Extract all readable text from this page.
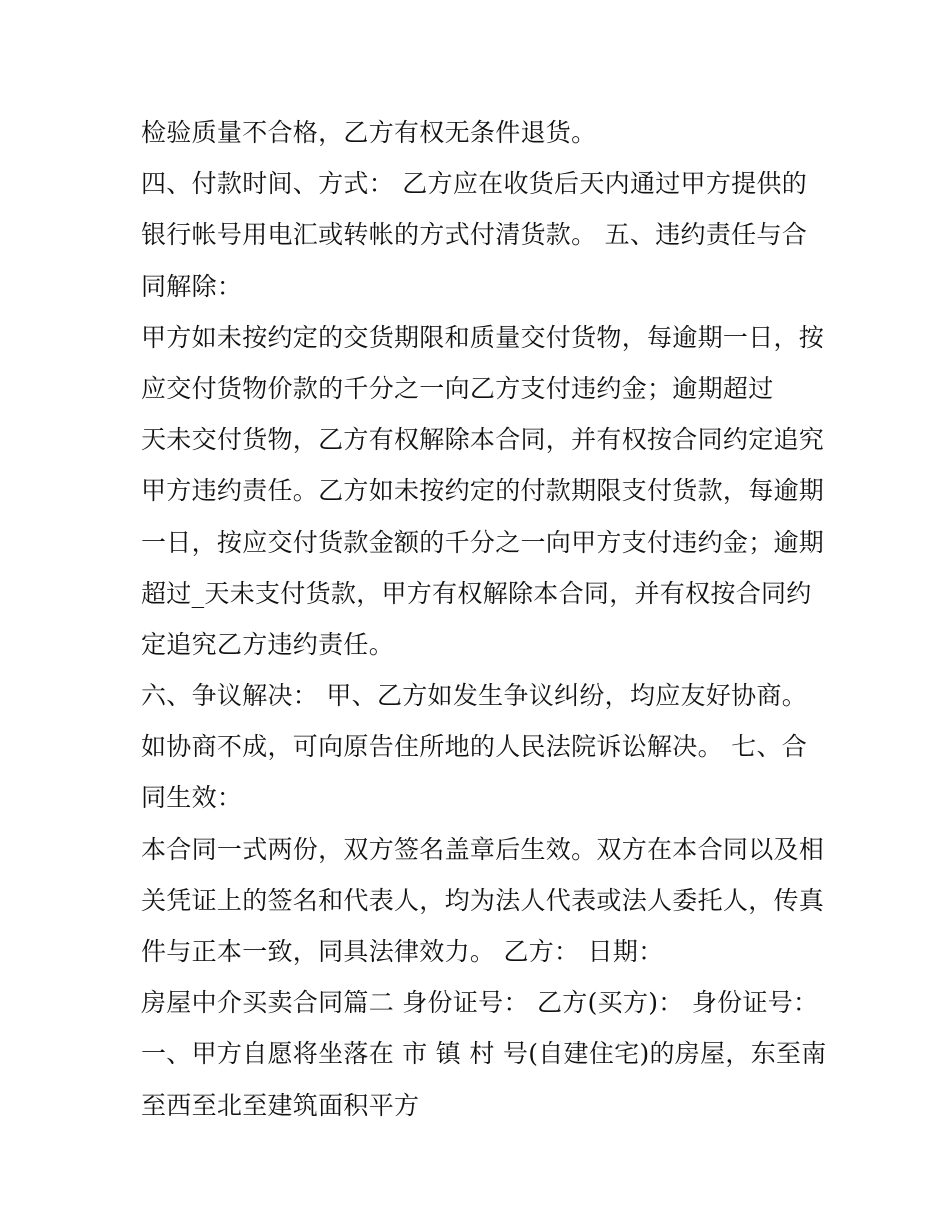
检验质量不合格，乙方有权无条件退货。
四、付款时间、方式： 乙方应在收货后天内通过甲方提供的
银行帐号用电汇或转帐的方式付清货款。 五、违约责任与合
同解除：
甲方如未按约定的交货期限和质量交付货物，每逾期一日，按
应交付货物价款的千分之一向乙方支付违约金；逾期超过
天未交付货物，乙方有权解除本合同，并有权按合同约定追究
甲方违约责任。乙方如未按约定的付款期限支付货款，每逾期
一日，按应交付货款金额的千分之一向甲方支付违约金；逾期
超过_天未支付货款，甲方有权解除本合同，并有权按合同约
定追究乙方违约责任。
六、争议解决： 甲、乙方如发生争议纠纷，均应友好协商。
如协商不成，可向原告住所地的人民法院诉讼解决。 七、合
同生效：
本合同一式两份，双方签名盖章后生效。双方在本合同以及相
关凭证上的签名和代表人，均为法人代表或法人委托人，传真
件与正本一致，同具法律效力。 乙方： 日期：
房屋中介买卖合同篇二 身份证号： 乙方(买方)： 身份证号：
一、甲方自愿将坐落在 市 镇 村 号(自建住宅)的房屋，东至南
至西至北至建筑面积平方
